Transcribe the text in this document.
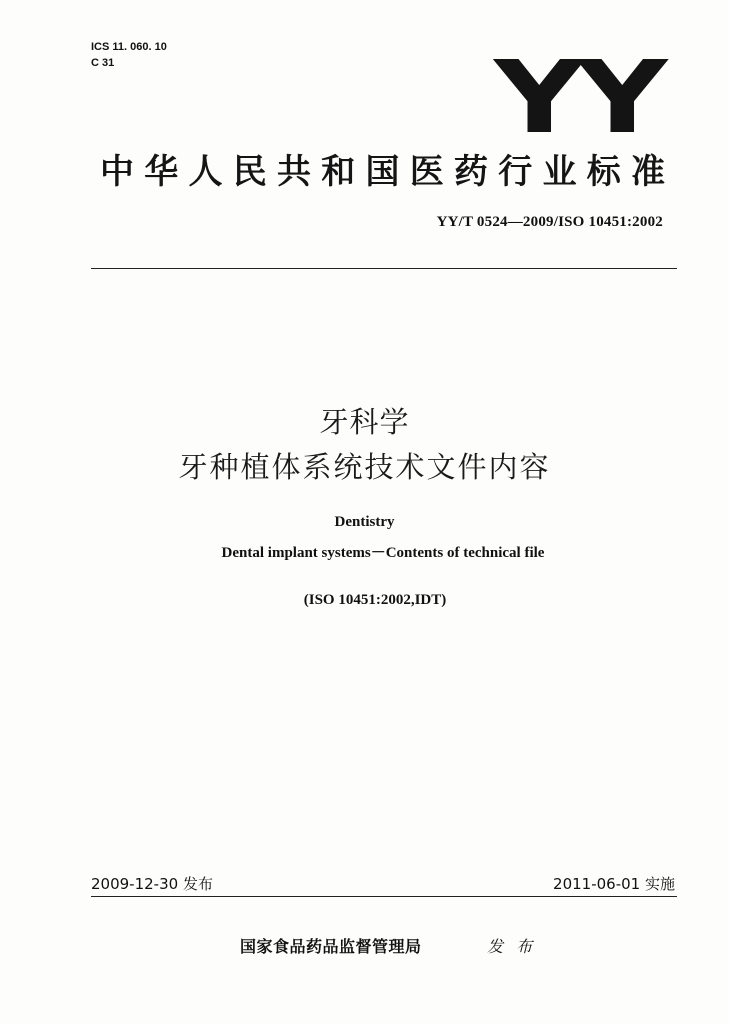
ICS 11. 060. 10
C 31	YY
中华人民共和国医药行业标准
YY/T 0524—2009/ISO 10451:2002
牙科学
牙种植体系统技术文件内容
Dentistry
Dental implant systems－Contents of technical file
(ISO 10451:2002,IDT)
2009-12-30 发布	2011-06-01 实施
国家食品药品监督管理局	发 布
